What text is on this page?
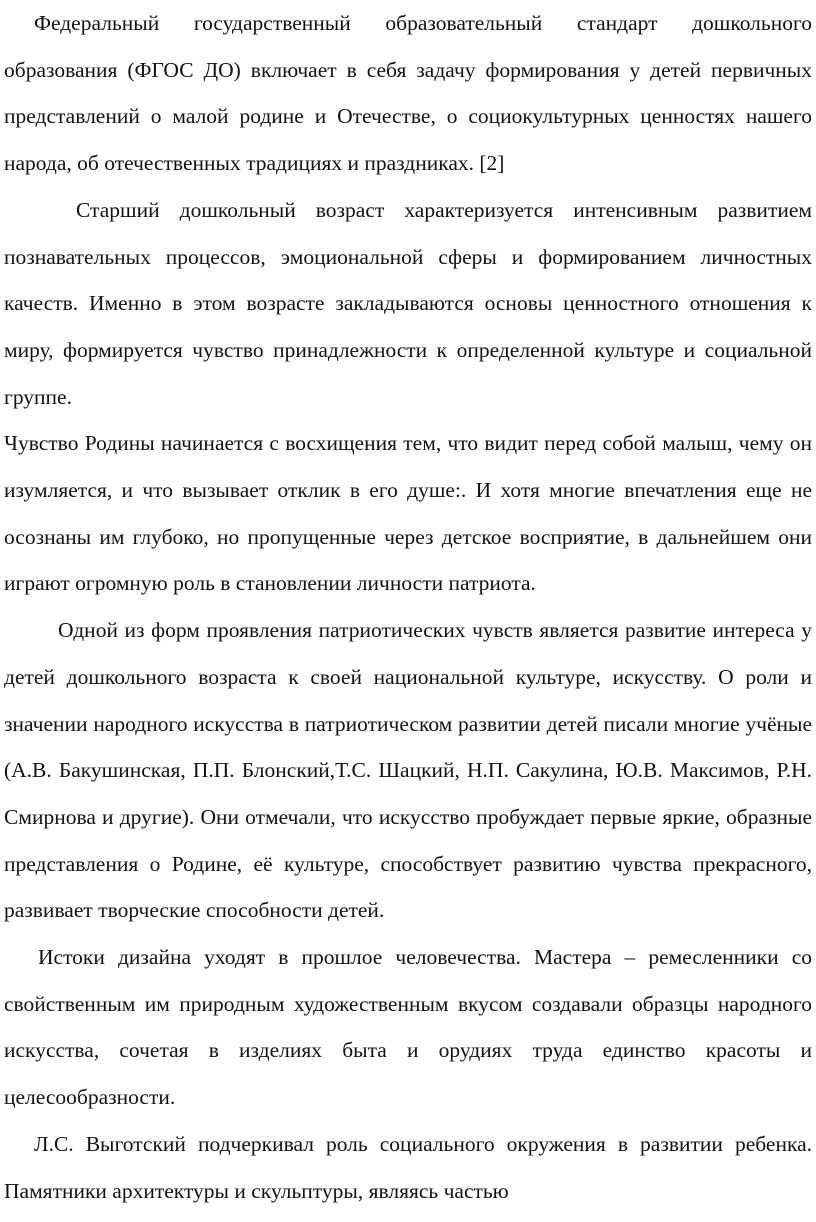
Федеральный государственный образовательный стандарт дошкольного образования (ФГОС ДО) включает в себя задачу формирования у детей первичных представлений о малой родине и Отечестве, о социокультурных ценностях нашего народа, об отечественных традициях и праздниках. [2]

Старший дошкольный возраст характеризуется интенсивным развитием познавательных процессов, эмоциональной сферы и формированием личностных качеств. Именно в этом возрасте закладываются основы ценностного отношения к миру, формируется чувство принадлежности к определенной культуре и социальной группе.

Чувство Родины начинается с восхищения тем, что видит перед собой малыш, чему он изумляется, и что вызывает отклик в его душе:. И хотя многие впечатления еще не осознаны им глубоко, но пропущенные через детское восприятие, в дальнейшем они играют огромную роль в становлении личности патриота.

Одной из форм проявления патриотических чувств является развитие интереса у детей дошкольного возраста к своей национальной культуре, искусству. О роли и значении народного искусства в патриотическом развитии детей писали многие учёные (А.В. Бакушинская, П.П. Блонский,Т.С. Шацкий, Н.П. Сакулина, Ю.В. Максимов, Р.Н. Смирнова и другие). Они отмечали, что искусство пробуждает первые яркие, образные представления о Родине, её культуре, способствует развитию чувства прекрасного, развивает творческие способности детей.

Истоки дизайна уходят в прошлое человечества. Мастера – ремесленники со свойственным им природным художественным вкусом создавали образцы народного искусства, сочетая в изделиях быта и орудиях труда единство красоты и целесообразности.

Л.С. Выготский подчеркивал роль социального окружения в развитии ребенка. Памятники архитектуры и скульптуры, являясь частью
